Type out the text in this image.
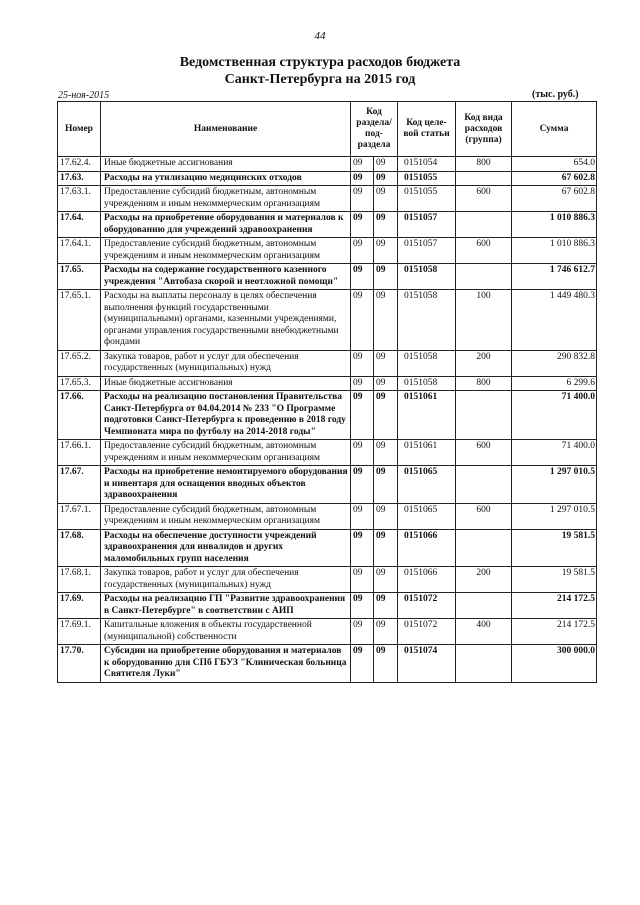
44
Ведомственная структура расходов бюджета
Санкт-Петербурга на 2015 год
25-ноя-2015	(тыс. руб.)
Номер	Наименование	Код раздела/ под-раздела		Код целе-вой статьи	Код вида расходов (группа)	Сумма
17.62.4.	Иные бюджетные ассигнования	09	09	0151054	800	654.0
17.63.	Расходы на утилизацию медицинских отходов	09	09	0151055		67 602.8
17.63.1.	Предоставление субсидий бюджетным, автономным учреждениям и иным некоммерческим организациям	09	09	0151055	600	67 602.8
17.64.	Расходы на приобретение оборудования и материалов к оборудованию для учреждений здравоохранения	09	09	0151057		1 010 886.3
17.64.1.	Предоставление субсидий бюджетным, автономным учреждениям и иным некоммерческим организациям	09	09	0151057	600	1 010 886.3
17.65.	Расходы на содержание государственного казенного учреждения "Автобаза скорой и неотложной помощи"	09	09	0151058		1 746 612.7
17.65.1.	Расходы на выплаты персоналу в целях обеспечения выполнения функций государственными (муниципальными) органами, казенными учреждениями, органами управления государственными внебюджетными фондами	09	09	0151058	100	1 449 480.3
17.65.2.	Закупка товаров, работ и услуг для обеспечения государственных (муниципальных) нужд	09	09	0151058	200	290 832.8
17.65.3.	Иные бюджетные ассигнования	09	09	0151058	800	6 299.6
17.66.	Расходы на реализацию постановления Правительства Санкт-Петербурга от 04.04.2014 № 233 "О Программе подготовки Санкт-Петербурга к проведению в 2018 году Чемпионата мира по футболу на 2014-2018 годы"	09	09	0151061		71 400.0
17.66.1.	Предоставление субсидий бюджетным, автономным учреждениям и иным некоммерческим организациям	09	09	0151061	600	71 400.0
17.67.	Расходы на приобретение немонтируемого оборудования и инвентаря для оснащения вводных объектов здравоохранения	09	09	0151065		1 297 010.5
17.67.1.	Предоставление субсидий бюджетным, автономным учреждениям и иным некоммерческим организациям	09	09	0151065	600	1 297 010.5
17.68.	Расходы на обеспечение доступности учреждений здравоохранения для инвалидов и других маломобильных групп населения	09	09	0151066		19 581.5
17.68.1.	Закупка товаров, работ и услуг для обеспечения государственных (муниципальных) нужд	09	09	0151066	200	19 581.5
17.69.	Расходы на реализацию ГП "Развитие здравоохранения в Санкт-Петербурге" в соответствии с АИП	09	09	0151072		214 172.5
17.69.1.	Капитальные вложения в объекты государственной (муниципальной) собственности	09	09	0151072	400	214 172.5
17.70.	Субсидии на приобретение оборудования и материалов к оборудованию для СПб ГБУЗ "Клиническая больница Святителя Луки"	09	09	0151074		300 000.0
